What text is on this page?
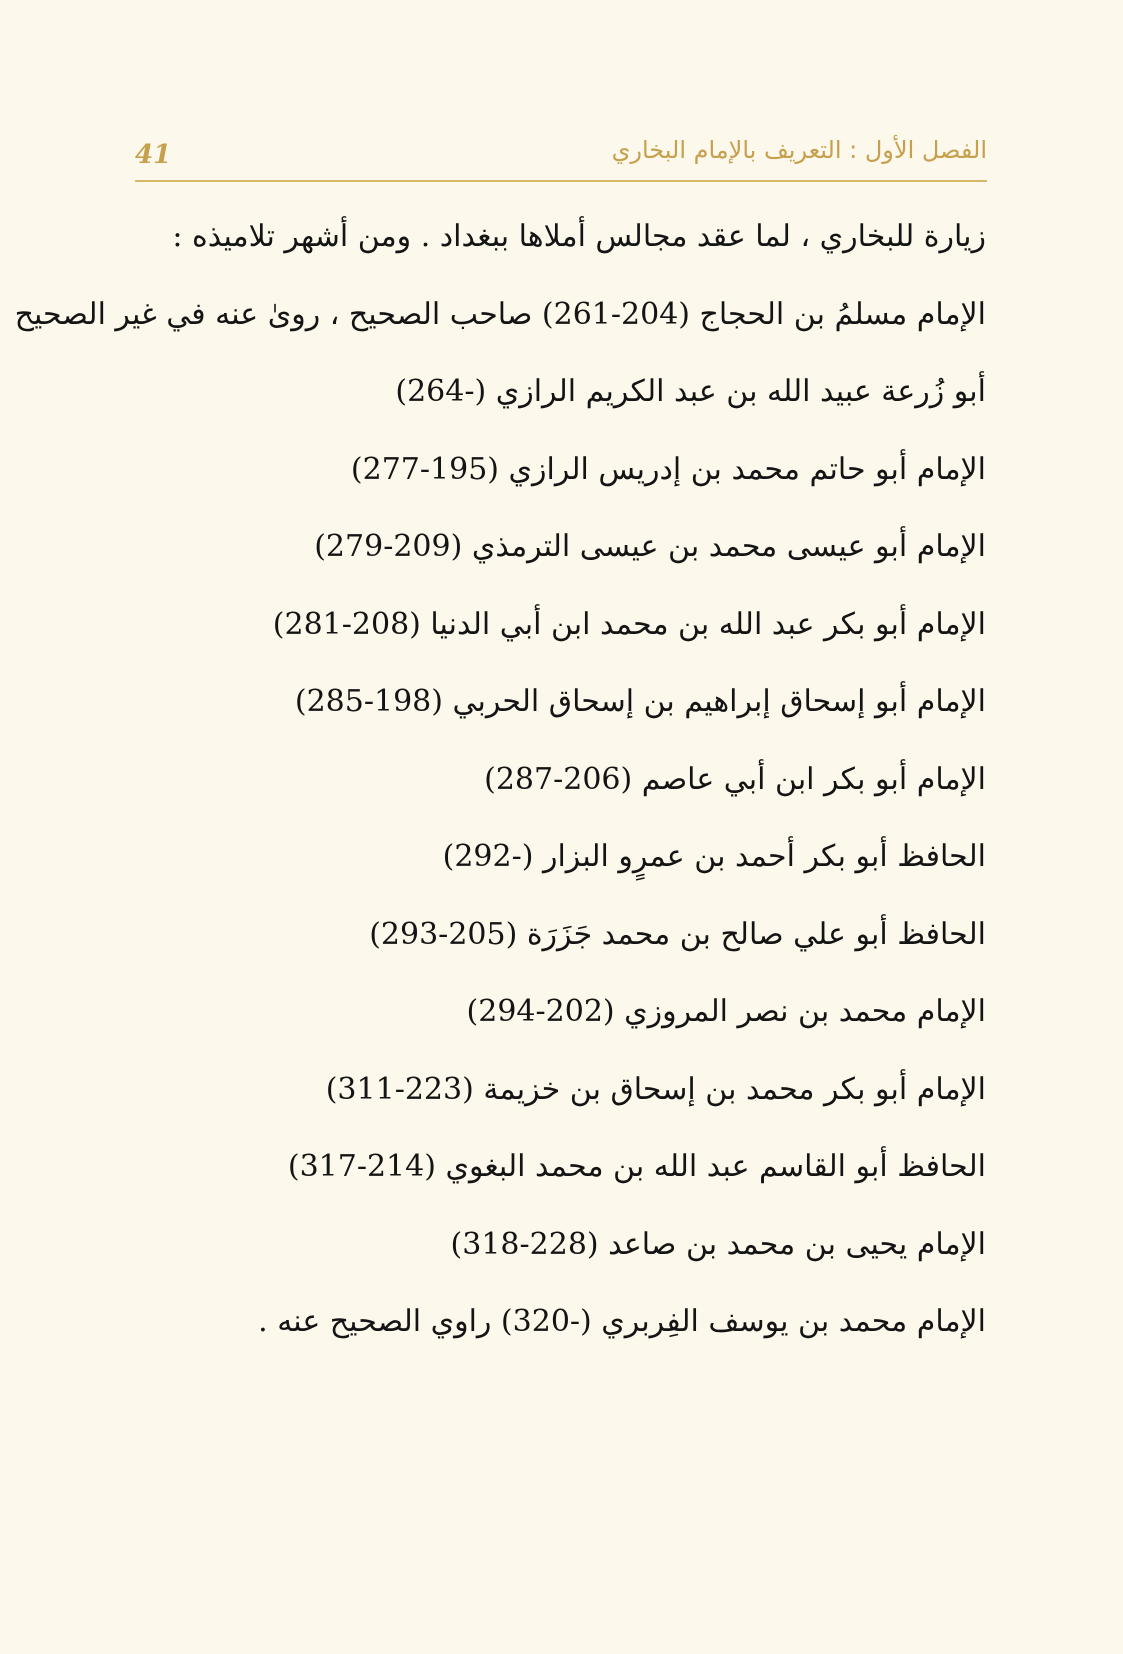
41	الفصل الأول : التعريف بالإمام البخاري
زيارة للبخاري ، لما عقد مجالس أملاها ببغداد . ومن أشهر تلاميذه :
الإمام مسلمُ بن الحجاج (204-261) صاحب الصحيح ، روىٰ عنه في غير الصحيح
أبو زُرعة عبيد الله بن عبد الكريم الرازي (-264)
الإمام أبو حاتم محمد بن إدريس الرازي (195-277)
الإمام أبو عيسى محمد بن عيسى الترمذي (209-279)
الإمام أبو بكر عبد الله بن محمد ابن أبي الدنيا (208-281)
الإمام أبو إسحاق إبراهيم بن إسحاق الحربي (198-285)
الإمام أبو بكر ابن أبي عاصم (206-287)
الحافظ أبو بكر أحمد بن عمرٍو البزار (-292)
الحافظ أبو علي صالح بن محمد جَزَرَة (205-293)
الإمام محمد بن نصر المروزي (202-294)
الإمام أبو بكر محمد بن إسحاق بن خزيمة (223-311)
الحافظ أبو القاسم عبد الله بن محمد البغوي (214-317)
الإمام يحيى بن محمد بن صاعد (228-318)
الإمام محمد بن يوسف الفِربري (-320) راوي الصحيح عنه .
